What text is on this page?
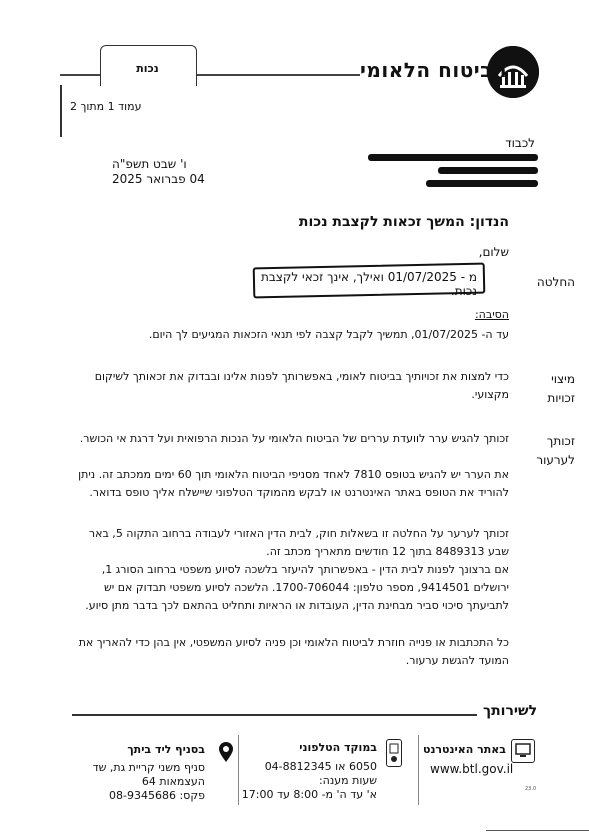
הביטוח הלאומי
נכות
עמוד 1 מתוך 2
לכבוד
ו' שבט תשפ"ה
04 פברואר 2025
הנדון: המשך זכאות לקצבת נכות
שלום,
החלטה
מ - 01/07/2025 ואילך, אינך זכאי לקצבת נכות.
הסיבה:
עד ה- 01/07/2025, תמשיך לקבל קצבה לפי תנאי הזכאות המגיעים לך היום.
מיצוי
זכויות
כדי למצות את זכויותיך בביטוח לאומי, באפשרותך לפנות אלינו ובבדוק את זכאותך לשיקום מקצועי.
זכותך
לערעור
זכותך להגיש ערר לוועדת עררים של הביטוח הלאומי על הנכות הרפואית ועל דרגת אי הכושר.
את הערר יש להגיש בטופס 7810 לאחד מסניפי הביטוח הלאומי תוך 60 ימים ממכתב זה. ניתן להוריד את הטופס באתר האינטרנט או לבקש מהמוקד הטלפוני שיישלח אליך טופס בדואר.
זכותך לערער על החלטה זו בשאלות חוק, לבית הדין האזורי לעבודה ברחוב התקוה 5, באר שבע 8489313 בתוך 12 חודשים מתאריך מכתב זה.
אם ברצונך לפנות לבית הדין - באפשרותך להיעזר בלשכה לסיוע משפטי ברחוב הסורג 1, ירושלים 9414501, מספר טלפון: 1700-706044. הלשכה לסיוע משפטי תבדוק אם יש לתביעתך סיכוי סביר מבחינת הדין, העובדות או הראיות ותחליט בהתאם לכך בדבר מתן סיוע.
כל התכתבות או פנייה חוזרת לביטוח הלאומי וכן פניה לסיוע המשפטי, אין בהן כדי להאריך את המועד להגשת ערעור.
לשירותך
באתר האינטרנט
www.btl.gov.il
23.0
במוקד הטלפוני
6050 או 04-8812345
שעות מענה:
א' עד ה' מ- 8:00 עד 17:00
בסניף ליד ביתך
סניף משני קריית גת, שד
העצמאות 64
פקס: 08-9345686
